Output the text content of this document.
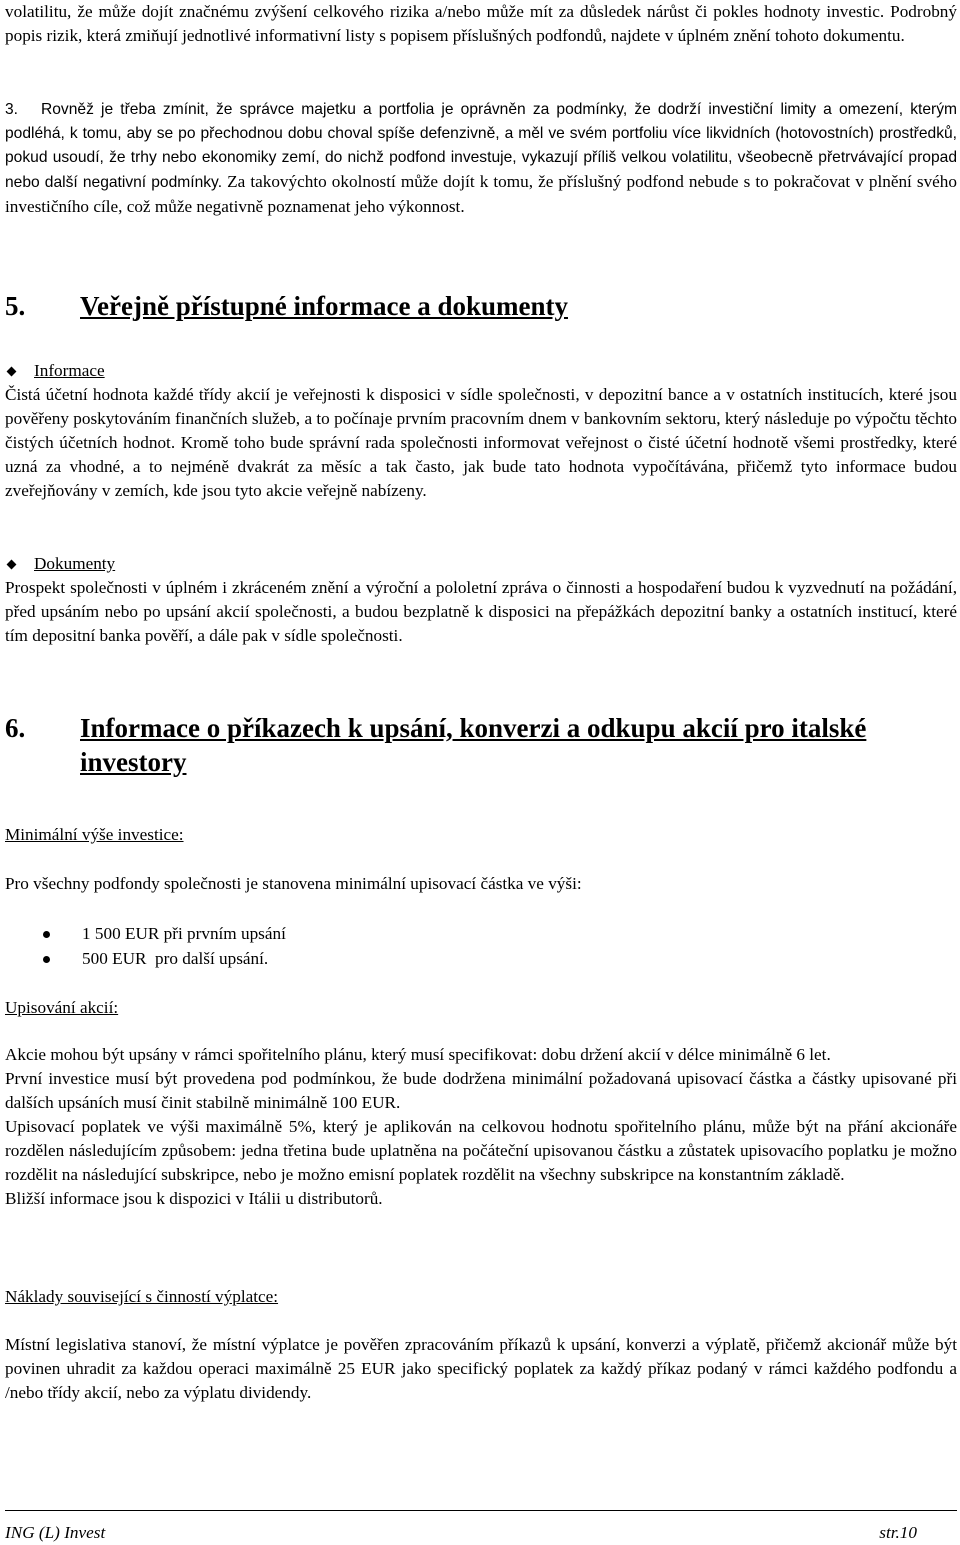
volatilitu, že může dojít značnému zvýšení celkového rizika a/nebo může mít za důsledek nárůst či pokles hodnoty investic. Podrobný popis rizik, která zmiňují jednotlivé informativní listy s popisem příslušných podfondů, najdete v úplném znění tohoto dokumentu.

3. Rovněž je třeba zmínit, že správce majetku a portfolia je oprávněn za podmínky, že dodrží investiční limity a omezení, kterým podléhá, k tomu, aby se po přechodnou dobu choval spíše defenzivně, a měl ve svém portfoliu více likvidních (hotovostních) prostředků, pokud usoudí, že trhy nebo ekonomiky zemí, do nichž podfond investuje, vykazují příliš velkou volatilitu, všeobecně přetrvávající propad nebo další negativní podmínky. Za takovýchto okolností může dojít k tomu, že příslušný podfond nebude s to pokračovat v plnění svého investičního cíle, což může negativně poznamenat jeho výkonnost.

5. Veřejně přístupné informace a dokumenty
Informace

Čistá účetní hodnota každé třídy akcií je veřejnosti k disposici v sídle společnosti, v depozitní bance a v ostatních institucích, které jsou pověřeny poskytováním finančních služeb, a to počínaje prvním pracovním dnem v bankovním sektoru, který následuje po výpočtu těchto čistých účetních hodnot. Kromě toho bude správní rada společnosti informovat veřejnost o čisté účetní hodnotě všemi prostředky, které uzná za vhodné, a to nejméně dvakrát za měsíc a tak často, jak bude tato hodnota vypočítávána, přičemž tyto informace budou zveřejňovány v zemích, kde jsou tyto akcie veřejně nabízeny.

Dokumenty

Prospekt společnosti v úplném i zkráceném znění a výroční a pololetní zpráva o činnosti a hospodaření budou k vyzvednutí na požádání, před upsáním nebo po upsání akcií společnosti, a budou bezplatně k disposici na přepážkách depozitní banky a ostatních institucí, které tím depositní banka pověří, a dále pak v sídle společnosti.

6.	Informace o příkazech k upsání, konverzi a odkupu akcií pro italské
investory
Minimální výše investice:

Pro všechny podfondy společnosti je stanovena minimální upisovací částka ve výši:

1 500 EUR při prvním upsání
500 EUR  pro další upsání.
Upisování akcií:

Akcie mohou být upsány v rámci spořitelního plánu, který musí specifikovat: dobu držení akcií v délce minimálně 6 let.

První investice musí být provedena pod podmínkou, že bude dodržena minimální požadovaná upisovací částka a částky upisované při dalších upsáních musí činit stabilně minimálně 100 EUR.

Upisovací poplatek ve výši maximálně 5%, který je aplikován na celkovou hodnotu spořitelního plánu, může být na přání akcionáře rozdělen následujícím způsobem: jedna třetina bude uplatněna na počáteční upisovanou částku a zůstatek upisovacího poplatku je možno rozdělit na následující subskripce, nebo je možno emisní poplatek rozdělit na všechny subskripce na konstantním základě.

Bližší informace jsou k dispozici v Itálii u distributorů.

Náklady související s činností výplatce:

Místní legislativa stanoví, že místní výplatce je pověřen zpracováním příkazů k upsání, konverzi a výplatě, přičemž akcionář může být povinen uhradit za každou operaci maximálně 25 EUR jako specifický poplatek za každý příkaz podaný v rámci každého podfondu a /nebo třídy akcií, nebo za výplatu dividendy.

ING (L) Invest	str.10
